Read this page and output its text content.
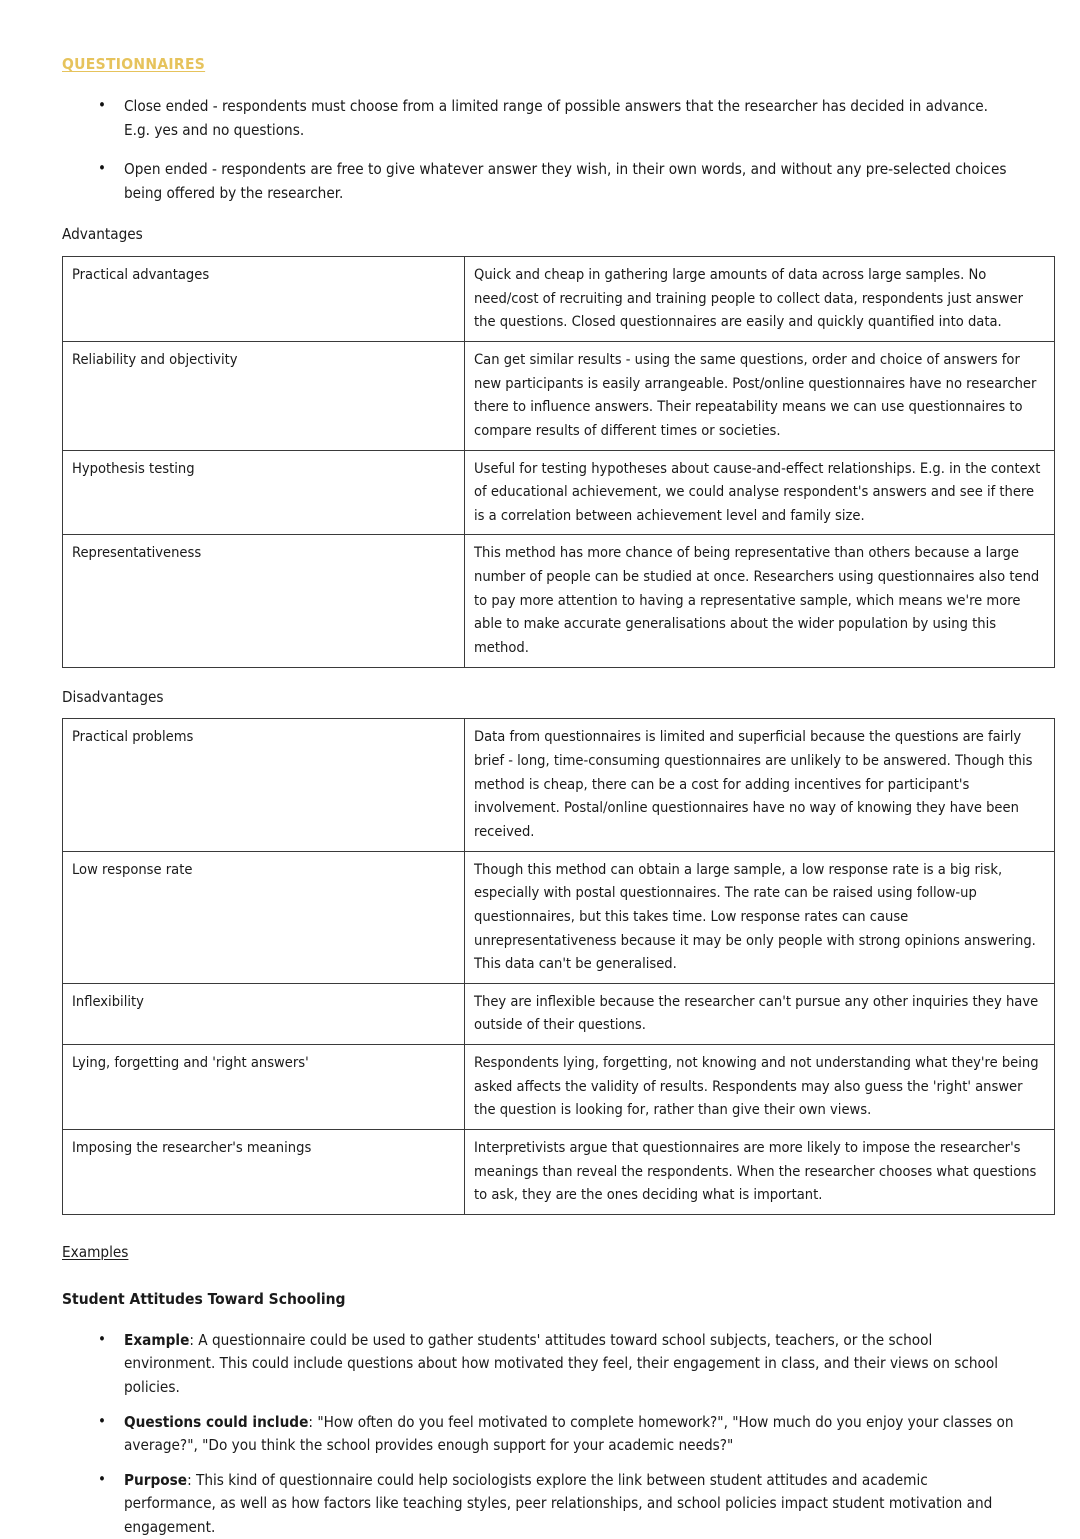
QUESTIONNAIRES
• Close ended - respondents must choose from a limited range of possible answers that the researcher has decided in advance. E.g. yes and no questions.
• Open ended - respondents are free to give whatever answer they wish, in their own words, and without any pre-selected choices being offered by the researcher.
Advantages
Practical advantages	Quick and cheap in gathering large amounts of data across large samples. No need/cost of recruiting and training people to collect data, respondents just answer the questions. Closed questionnaires are easily and quickly quantified into data.
Reliability and objectivity	Can get similar results - using the same questions, order and choice of answers for new participants is easily arrangeable. Post/online questionnaires have no researcher there to influence answers. Their repeatability means we can use questionnaires to compare results of different times or societies.
Hypothesis testing	Useful for testing hypotheses about cause-and-effect relationships. E.g. in the context of educational achievement, we could analyse respondent's answers and see if there is a correlation between achievement level and family size.
Representativeness	This method has more chance of being representative than others because a large number of people can be studied at once. Researchers using questionnaires also tend to pay more attention to having a representative sample, which means we're more able to make accurate generalisations about the wider population by using this method.
Disadvantages
Practical problems	Data from questionnaires is limited and superficial because the questions are fairly brief - long, time-consuming questionnaires are unlikely to be answered. Though this method is cheap, there can be a cost for adding incentives for participant's involvement. Postal/online questionnaires have no way of knowing they have been received.
Low response rate	Though this method can obtain a large sample, a low response rate is a big risk, especially with postal questionnaires. The rate can be raised using follow-up questionnaires, but this takes time. Low response rates can cause unrepresentativeness because it may be only people with strong opinions answering. This data can't be generalised.
Inflexibility	They are inflexible because the researcher can't pursue any other inquiries they have outside of their questions.
Lying, forgetting and 'right answers'	Respondents lying, forgetting, not knowing and not understanding what they're being asked affects the validity of results. Respondents may also guess the 'right' answer the question is looking for, rather than give their own views.
Imposing the researcher's meanings	Interpretivists argue that questionnaires are more likely to impose the researcher's meanings than reveal the respondents. When the researcher chooses what questions to ask, they are the ones deciding what is important.
Examples
Student Attitudes Toward Schooling
• Example: A questionnaire could be used to gather students' attitudes toward school subjects, teachers, or the school environment. This could include questions about how motivated they feel, their engagement in class, and their views on school policies.
• Questions could include: "How often do you feel motivated to complete homework?", "How much do you enjoy your classes on average?", "Do you think the school provides enough support for your academic needs?"
• Purpose: This kind of questionnaire could help sociologists explore the link between student attitudes and academic performance, as well as how factors like teaching styles, peer relationships, and school policies impact student motivation and engagement.
